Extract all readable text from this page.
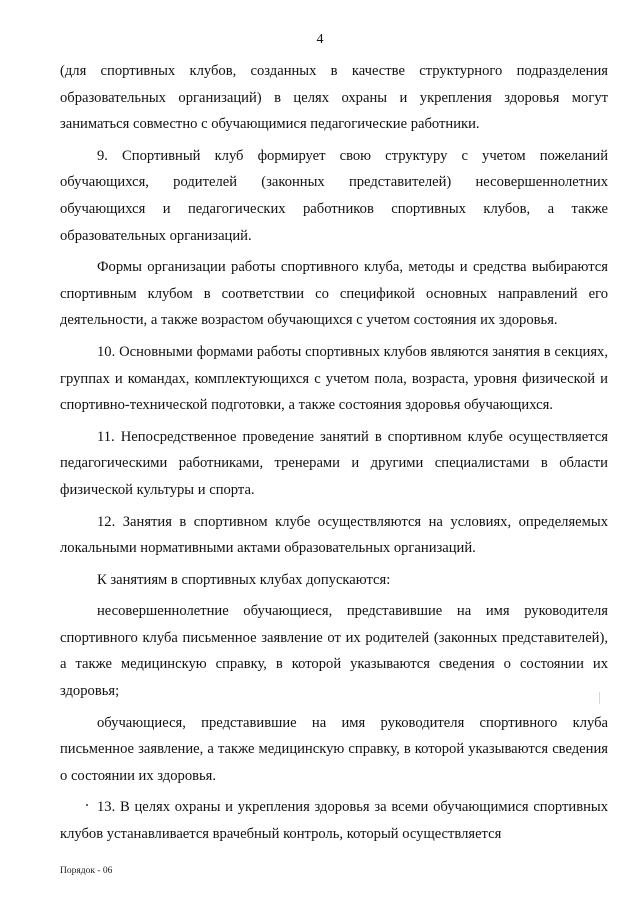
4

(для спортивных клубов, созданных в качестве структурного подразделения образовательных организаций) в целях охраны и укрепления здоровья могут заниматься совместно с обучающимися педагогические работники.

9. Спортивный клуб формирует свою структуру с учетом пожеланий обучающихся, родителей (законных представителей) несовершеннолетних обучающихся и педагогических работников спортивных клубов, а также образовательных организаций.

Формы организации работы спортивного клуба, методы и средства выбираются спортивным клубом в соответствии со спецификой основных направлений его деятельности, а также возрастом обучающихся с учетом состояния их здоровья.

10. Основными формами работы спортивных клубов являются занятия в секциях, группах и командах, комплектующихся с учетом пола, возраста, уровня физической и спортивно-технической подготовки, а также состояния здоровья обучающихся.

11. Непосредственное проведение занятий в спортивном клубе осуществляется педагогическими работниками, тренерами и другими специалистами в области физической культуры и спорта.

12. Занятия в спортивном клубе осуществляются на условиях, определяемых локальными нормативными актами образовательных организаций.

К занятиям в спортивных клубах допускаются:

несовершеннолетние обучающиеся, представившие на имя руководителя спортивного клуба письменное заявление от их родителей (законных представителей), а также медицинскую справку, в которой указываются сведения о состоянии их здоровья;

обучающиеся, представившие на имя руководителя спортивного клуба письменное заявление, а также медицинскую справку, в которой указываются сведения о состоянии их здоровья.

13. В целях охраны и укрепления здоровья за всеми обучающимися спортивных клубов устанавливается врачебный контроль, который осуществляется

Порядок - 06
